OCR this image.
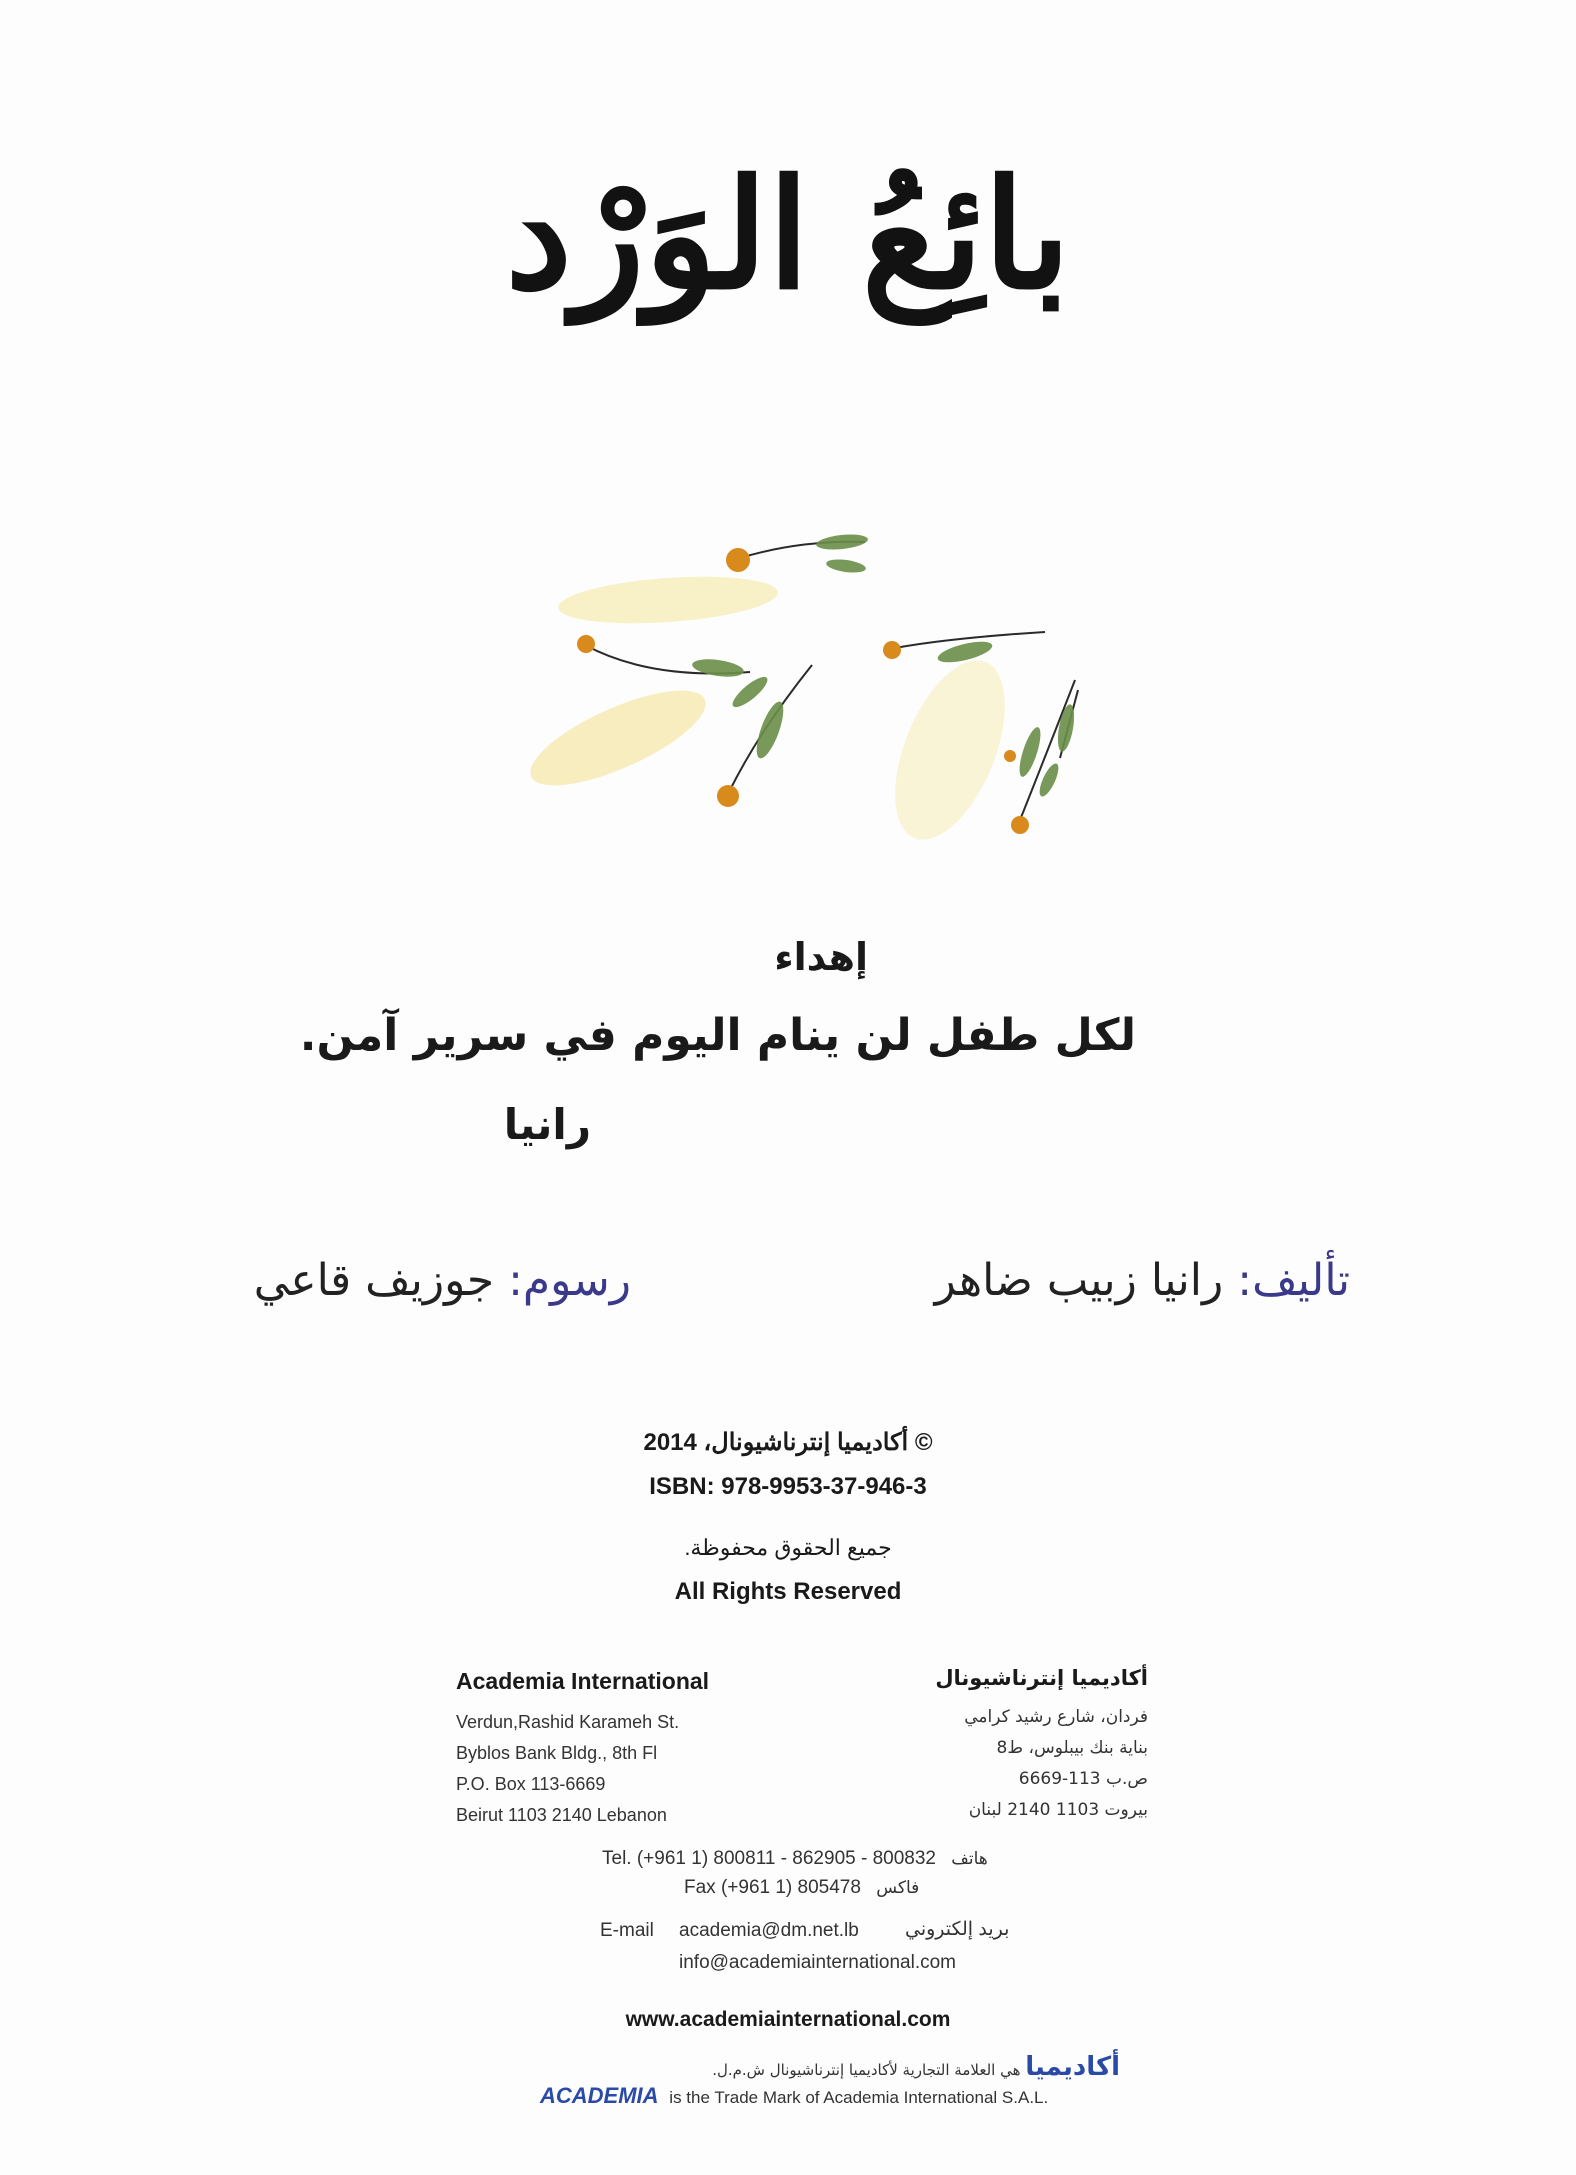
بائِعُ الوَرْد
إهداء
لكل طفل لن ينام اليوم في سرير آمن.
رانيا
تأليف: رانيا زبيب ضاهر
رسوم: جوزيف قاعي
© أكاديميا إنترناشيونال، 2014
ISBN: 978-9953-37-946-3
جميع الحقوق محفوظة.
All Rights Reserved
Academia International
Verdun,Rashid Karameh St.
Byblos Bank Bldg., 8th Fl
P.O. Box 113-6669
Beirut 1103 2140 Lebanon
أكاديميا إنترناشيونال
فردان، شارع رشيد كرامي
بناية بنك بيبلوس، ط8
ص.ب 113-6669
بيروت 1103 2140 لبنان
Tel. (+961 1) 800811 - 862905 - 800832 هاتف
Fax (+961 1) 805478 فاكس
E-mail academia@dm.net.lb بريد إلكتروني
info@academiainternational.com
www.academiainternational.com
أكاديميا هي العلامة التجارية لأكاديميا إنترناشيونال ش.م.ل.
ACADEMIA is the Trade Mark of Academia International S.A.L.
